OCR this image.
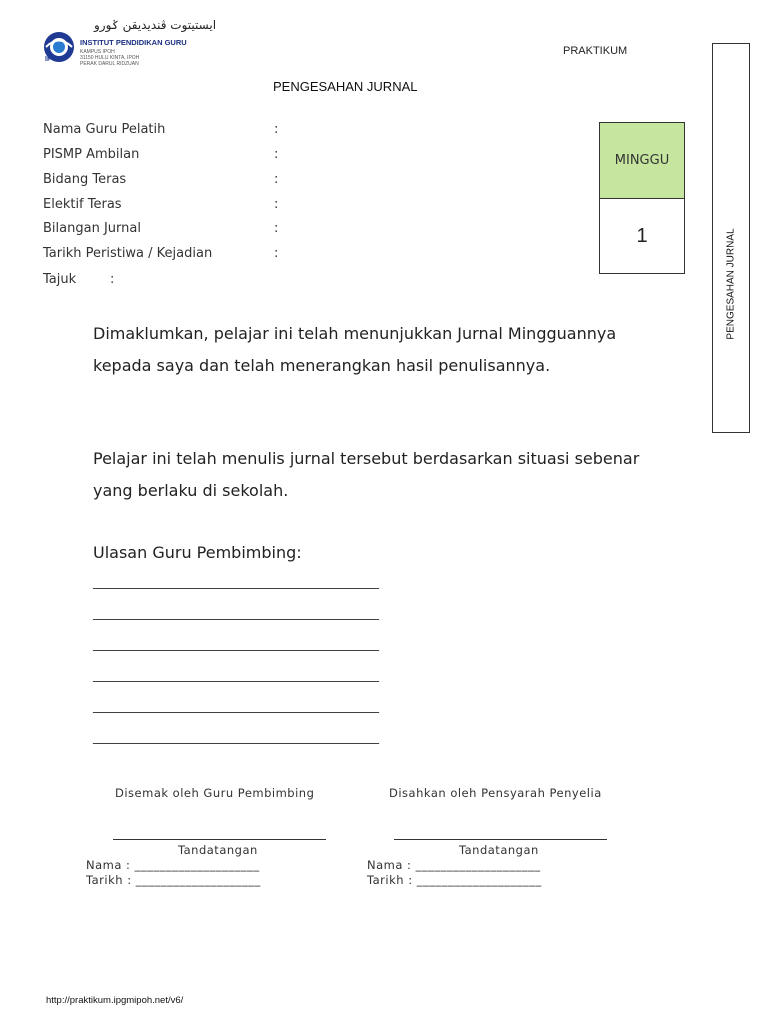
IPG
ايستيتوت ڤنديديقن ݢورو
INSTITUT PENDIDIKAN GURU
KAMPUS IPOH
31150 HULU KINTA, IPOH
PERAK DARUL RIDZUAN
PRAKTIKUM
PENGESAHAN JURNAL
Nama Guru Pelatih	:
PISMP Ambilan	:
Bidang Teras	:
Elektif Teras	:
Bilangan Jurnal	:
Tarikh Peristiwa / Kejadian	:
Tajuk	:
MINGGU
1	PENGESAHAN JURNAL
Dimaklumkan, pelajar ini telah menunjukkan Jurnal Mingguannya kepada saya dan telah menerangkan hasil penulisannya.
Pelajar ini telah menulis jurnal tersebut berdasarkan situasi sebenar yang berlaku di sekolah.
Ulasan Guru Pembimbing:
____________________________________________
____________________________________________
____________________________________________
____________________________________________
____________________________________________
____________________________________________
Disemak oleh Guru Pembimbing
Tandatangan
Nama : ____________________
Tarikh : ____________________
Disahkan oleh Pensyarah Penyelia
Tandatangan
Nama : ____________________
Tarikh : ____________________
http://praktikum.ipgmipoh.net/v6/
